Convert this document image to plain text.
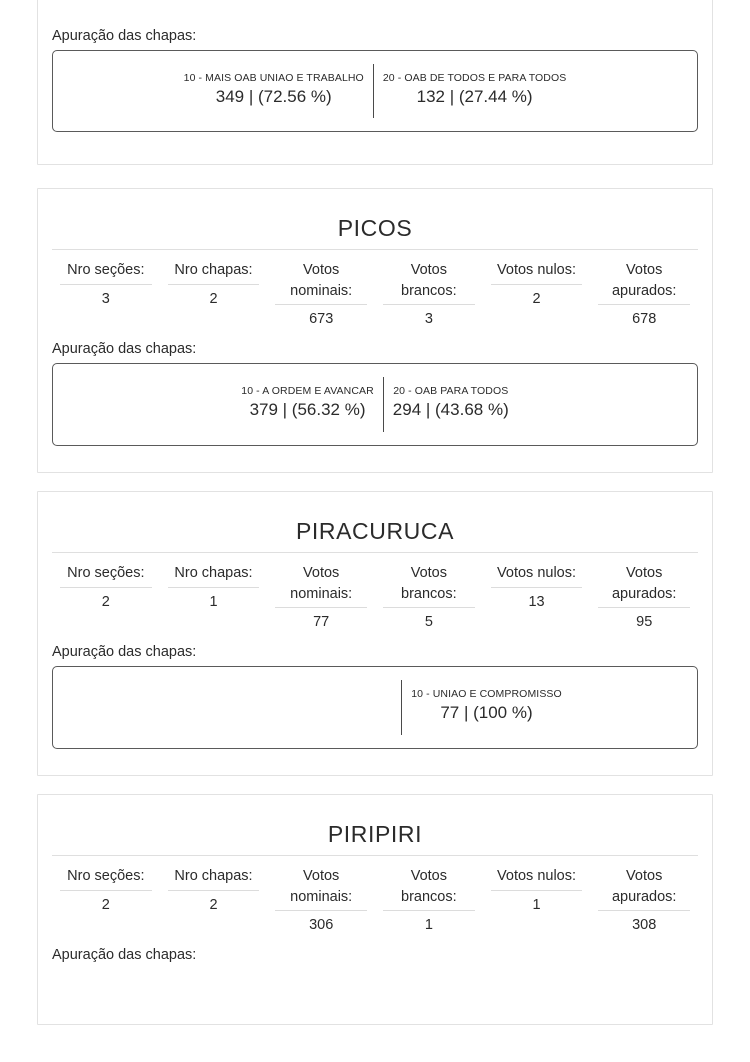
Apuração das chapas:
10 - MAIS OAB UNIAO E TRABALHO
349 | (72.56 %)
20 - OAB DE TODOS E PARA TODOS
132 | (27.44 %)
PICOS
Nro seções:
3
Nro chapas:
2
Votos
nominais:
673
Votos
brancos:
3
Votos nulos:
2
Votos
apurados:
678
Apuração das chapas:
10 - A ORDEM E AVANCAR
379 | (56.32 %)
20 - OAB PARA TODOS
294 | (43.68 %)
PIRACURUCA
Nro seções:
2
Nro chapas:
1
Votos
nominais:
77
Votos
brancos:
5
Votos nulos:
13
Votos
apurados:
95
Apuração das chapas:
10 - UNIAO E COMPROMISSO
77 | (100 %)
PIRIPIRI
Nro seções:
2
Nro chapas:
2
Votos
nominais:
306
Votos
brancos:
1
Votos nulos:
1
Votos
apurados:
308
Apuração das chapas:
